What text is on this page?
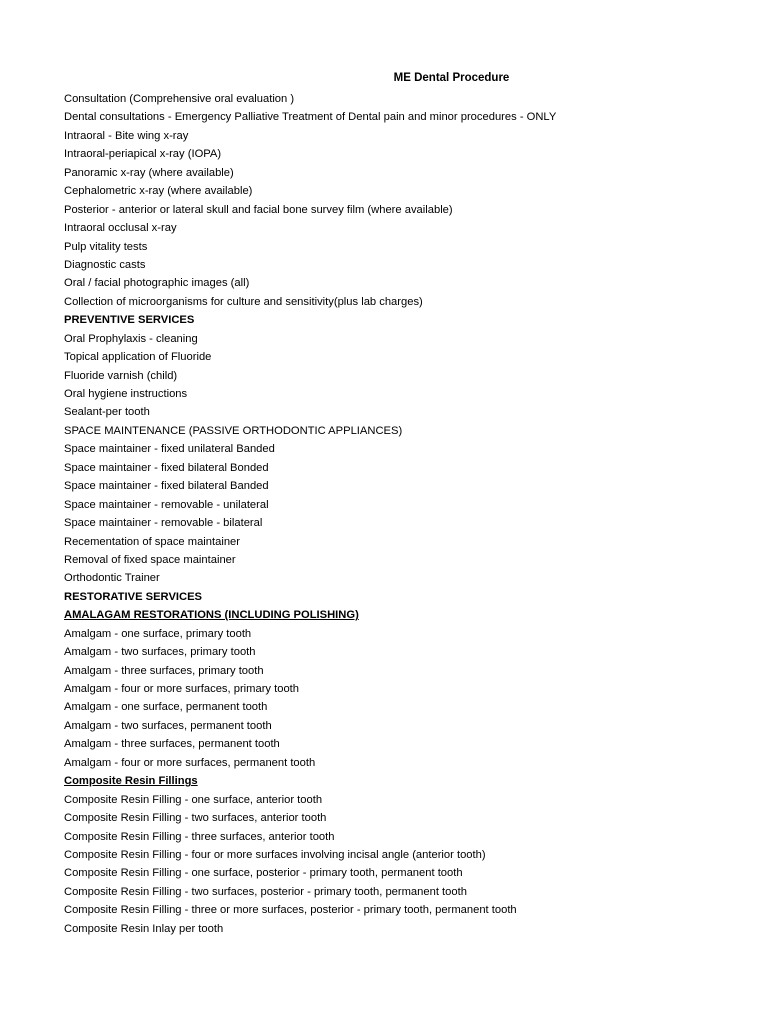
ME Dental Procedure
Consultation (Comprehensive oral evaluation )
Dental consultations - Emergency Palliative Treatment of Dental pain and minor procedures - ONLY
Intraoral - Bite wing x-ray
Intraoral-periapical x-ray (IOPA)
Panoramic x-ray (where available)
Cephalometric x-ray (where available)
Posterior - anterior or lateral skull and facial bone survey film (where available)
Intraoral occlusal x-ray
Pulp vitality tests
Diagnostic casts
Oral / facial photographic images (all)
Collection of microorganisms for culture and sensitivity(plus lab charges)
PREVENTIVE SERVICES
Oral Prophylaxis - cleaning
Topical application of Fluoride
Fluoride varnish (child)
Oral hygiene instructions
Sealant-per tooth
SPACE MAINTENANCE (PASSIVE ORTHODONTIC APPLIANCES)
Space maintainer - fixed unilateral Banded
Space maintainer - fixed bilateral Bonded
Space maintainer - fixed bilateral Banded
Space maintainer - removable - unilateral
Space maintainer - removable - bilateral
Recementation of space maintainer
Removal of fixed space maintainer
Orthodontic Trainer
RESTORATIVE SERVICES
AMALAGAM RESTORATIONS (INCLUDING POLISHING)
Amalgam - one surface, primary tooth
Amalgam - two surfaces, primary tooth
Amalgam - three surfaces, primary tooth
Amalgam - four or more surfaces, primary tooth
Amalgam - one surface, permanent tooth
Amalgam - two surfaces, permanent tooth
Amalgam - three surfaces, permanent tooth
Amalgam - four or more surfaces, permanent tooth
Composite Resin Fillings
Composite Resin Filling - one surface, anterior tooth
Composite Resin Filling - two surfaces, anterior tooth
Composite Resin Filling - three surfaces, anterior tooth
Composite Resin Filling - four or more surfaces involving incisal angle (anterior tooth)
Composite Resin Filling - one surface, posterior - primary tooth, permanent tooth
Composite Resin Filling - two surfaces, posterior - primary tooth, permanent tooth
Composite Resin Filling - three or more surfaces, posterior - primary tooth, permanent tooth
Composite Resin Inlay per tooth
